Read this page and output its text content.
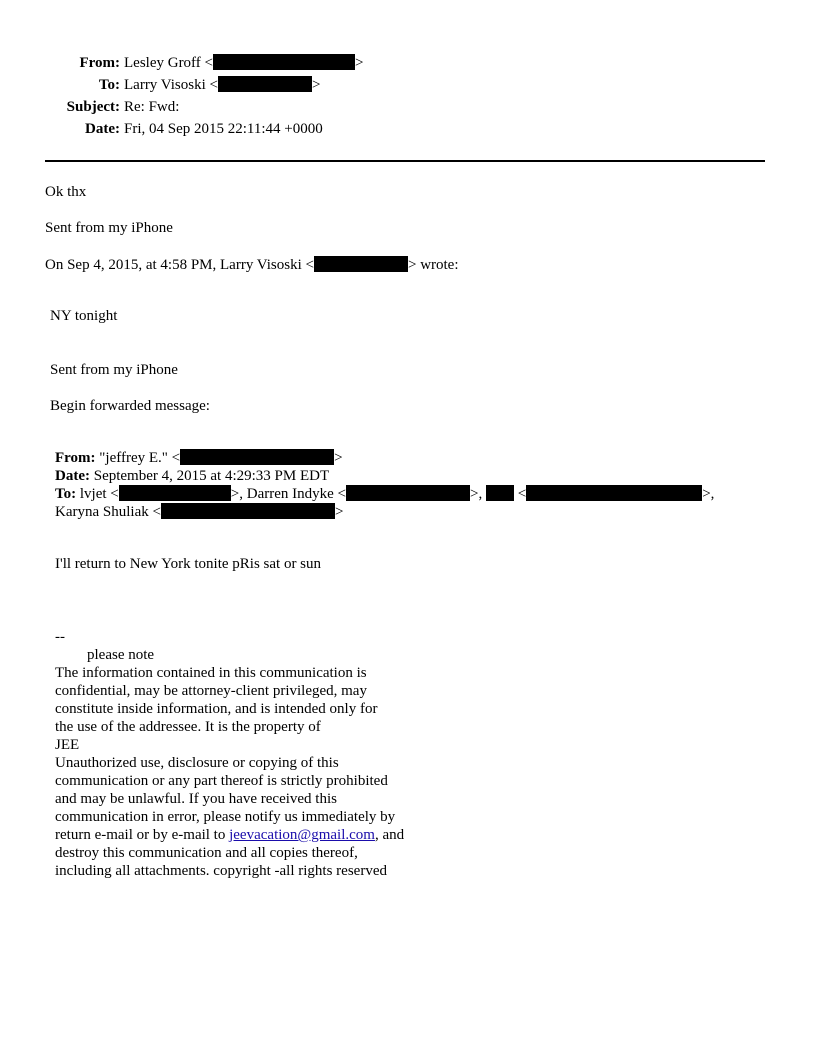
From: Lesley Groff <	>
To: Larry Visoski <	>
Subject: Re: Fwd:
Date: Fri, 04 Sep 2015 22:11:44 +0000
Ok thx
Sent from my iPhone
On Sep 4, 2015, at 4:58 PM, Larry Visoski <	> wrote:
NY tonight
Sent from my iPhone
Begin forwarded message:
From: "jeffrey E." <	>
Date: September 4, 2015 at 4:29:33 PM EDT
To: lvjet <	>, Darren Indyke <	>,  <	>,
Karyna Shuliak <	>
I'll return to New York tonite pRis sat or sun
--
please note
The information contained in this communication is
confidential, may be attorney-client privileged, may
constitute inside information, and is intended only for
the use of the addressee. It is the property of
JEE
Unauthorized use, disclosure or copying of this
communication or any part thereof is strictly prohibited
and may be unlawful. If you have received this
communication in error, please notify us immediately by
return e-mail or by e-mail to jeevacation@gmail.com, and
destroy this communication and all copies thereof,
including all attachments. copyright -all rights reserved
